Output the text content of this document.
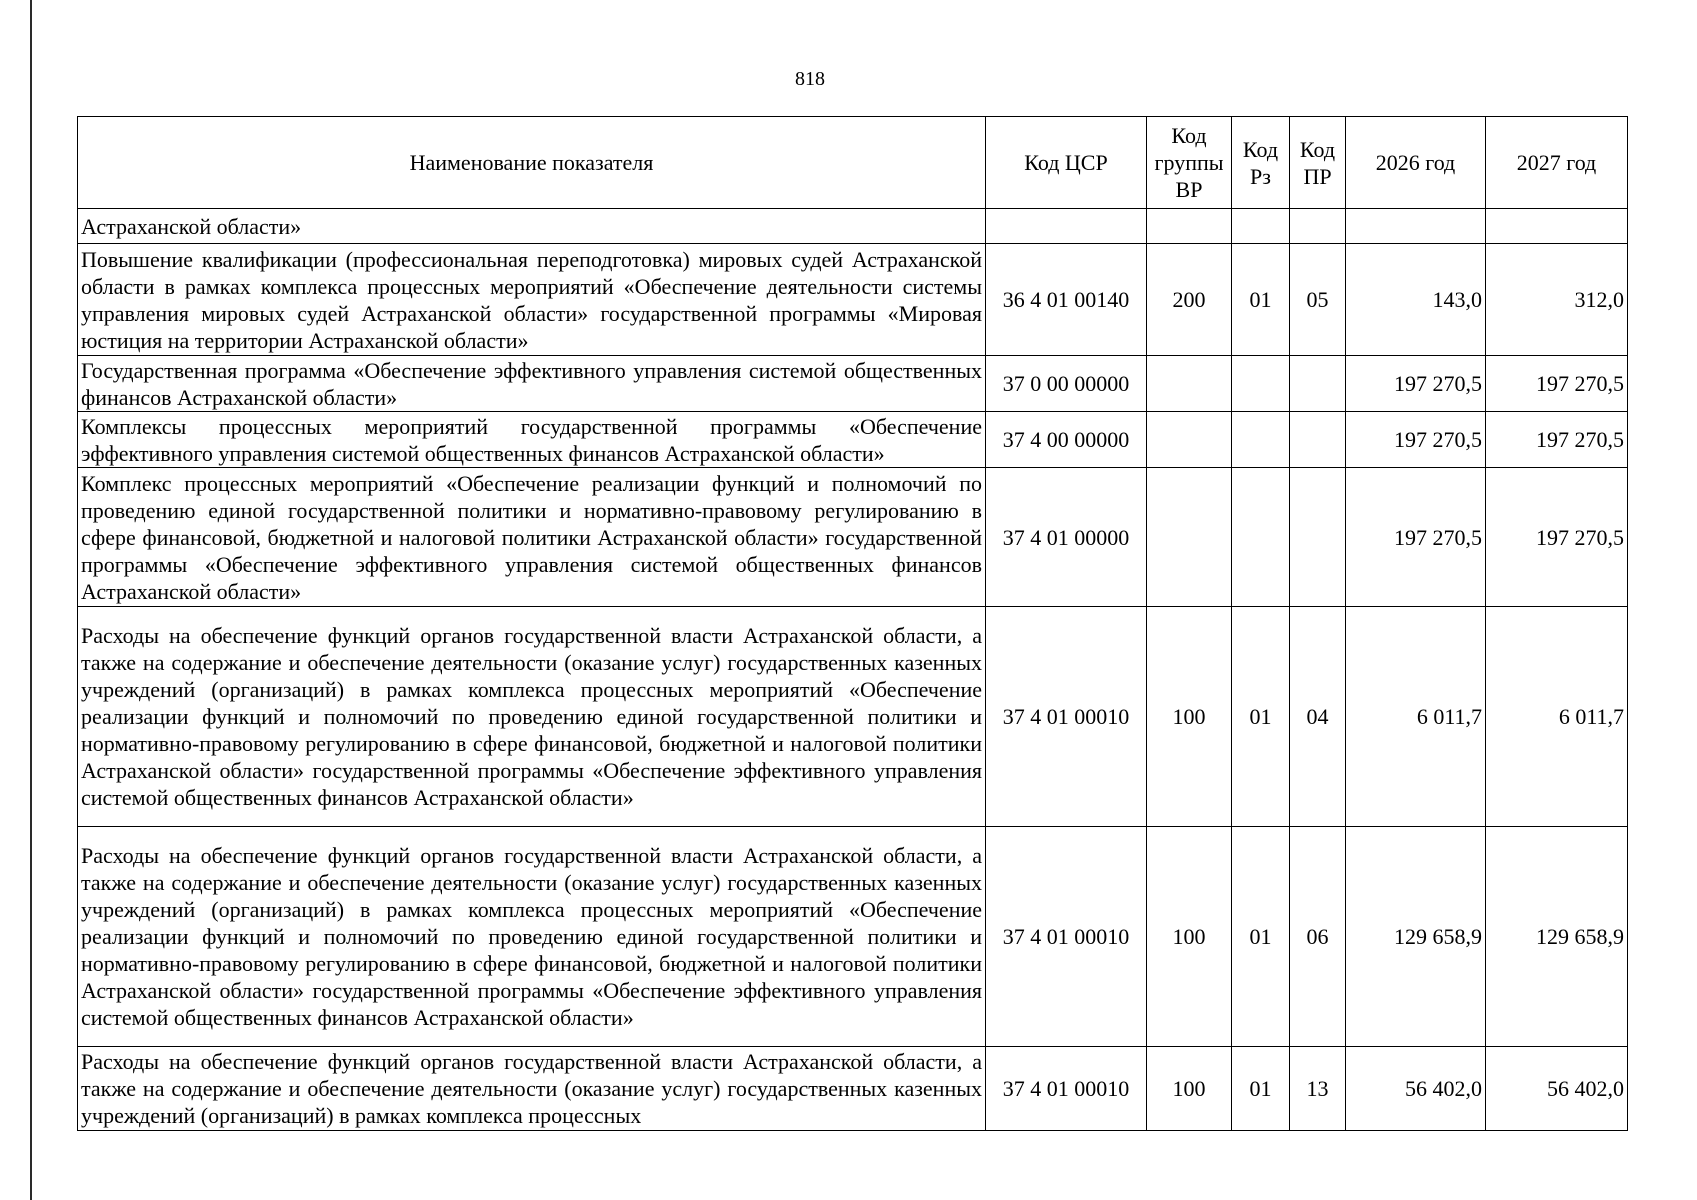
818
Наименование показателя	Код ЦСР	Код группы ВР	Код Рз	Код ПР	2026 год	2027 год
Астраханской области»						
Повышение квалификации (профессиональная переподготовка) мировых судей Астраханской области в рамках комплекса процессных мероприятий «Обеспечение деятельности системы управления мировых судей Астраханской области» государственной программы «Мировая юстиция на территории Астраханской области»	36 4 01 00140	200	01	05	143,0	312,0
Государственная программа «Обеспечение эффективного управления системой общественных финансов Астраханской области»	37 0 00 00000				197 270,5	197 270,5
Комплексы процессных мероприятий государственной программы «Обеспечение эффективного управления системой общественных финансов Астраханской области»	37 4 00 00000				197 270,5	197 270,5
Комплекс процессных мероприятий «Обеспечение реализации функций и полномочий по проведению единой государственной политики и нормативно-правовому регулированию в сфере финансовой, бюджетной и налоговой политики Астраханской области» государственной программы «Обеспечение эффективного управления системой общественных финансов Астраханской области»	37 4 01 00000				197 270,5	197 270,5
Расходы на обеспечение функций органов государственной власти Астраханской области, а также на содержание и обеспечение деятельности (оказание услуг) государственных казенных учреждений (организаций) в рамках комплекса процессных мероприятий «Обеспечение реализации функций и полномочий по проведению единой государственной политики и нормативно-правовому регулированию в сфере финансовой, бюджетной и налоговой политики Астраханской области» государственной программы «Обеспечение эффективного управления системой общественных финансов Астраханской области»	37 4 01 00010	100	01	04	6 011,7	6 011,7
Расходы на обеспечение функций органов государственной власти Астраханской области, а также на содержание и обеспечение деятельности (оказание услуг) государственных казенных учреждений (организаций) в рамках комплекса процессных мероприятий «Обеспечение реализации функций и полномочий по проведению единой государственной политики и нормативно-правовому регулированию в сфере финансовой, бюджетной и налоговой политики Астраханской области» государственной программы «Обеспечение эффективного управления системой общественных финансов Астраханской области»	37 4 01 00010	100	01	06	129 658,9	129 658,9
Расходы на обеспечение функций органов государственной власти Астраханской области, а также на содержание и обеспечение деятельности (оказание услуг) государственных казенных учреждений (организаций) в рамках комплекса процессных	37 4 01 00010	100	01	13	56 402,0	56 402,0
